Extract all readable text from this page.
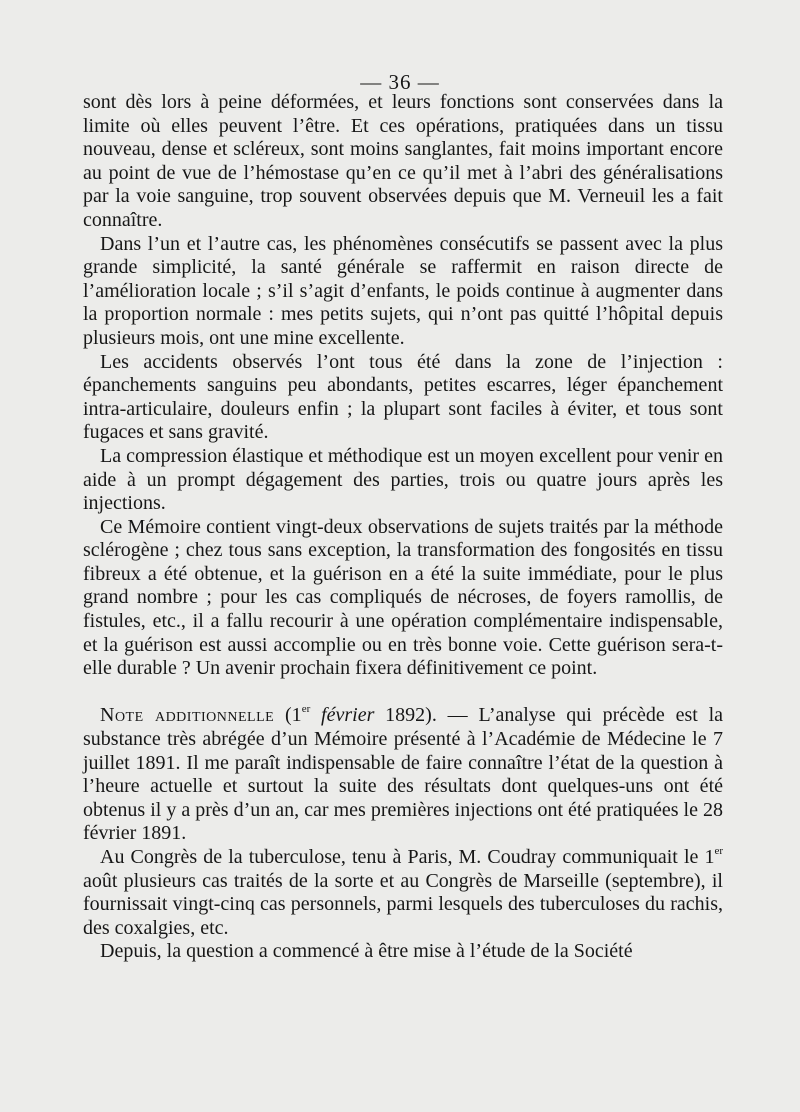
— 36 —

sont dès lors à peine déformées, et leurs fonctions sont conservées dans la limite où elles peuvent l’être. Et ces opérations, pratiquées dans un tissu nouveau, dense et scléreux, sont moins sanglantes, fait moins important encore au point de vue de l’hémostase qu’en ce qu’il met à l’abri des généralisations par la voie sanguine, trop souvent observées depuis que M. Verneuil les a fait connaître.

Dans l’un et l’autre cas, les phénomènes consécutifs se passent avec la plus grande simplicité, la santé générale se raffermit en raison directe de l’amélioration locale ; s’il s’agit d’enfants, le poids continue à augmenter dans la proportion normale : mes petits sujets, qui n’ont pas quitté l’hôpital depuis plusieurs mois, ont une mine excellente.

Les accidents observés l’ont tous été dans la zone de l’injection : épanchements sanguins peu abondants, petites escarres, léger épanchement intra-articulaire, douleurs enfin ; la plupart sont faciles à éviter, et tous sont fugaces et sans gravité.

La compression élastique et méthodique est un moyen excellent pour venir en aide à un prompt dégagement des parties, trois ou quatre jours après les injections.

Ce Mémoire contient vingt-deux observations de sujets traités par la méthode sclérogène ; chez tous sans exception, la transformation des fongosités en tissu fibreux a été obtenue, et la guérison en a été la suite immédiate, pour le plus grand nombre ; pour les cas compliqués de nécroses, de foyers ramollis, de fistules, etc., il a fallu recourir à une opération complémentaire indispensable, et la guérison est aussi accomplie ou en très bonne voie. Cette guérison sera-t-elle durable ? Un avenir prochain fixera définitivement ce point.

Note additionnelle (1er février 1892). — L’analyse qui précède est la substance très abrégée d’un Mémoire présenté à l’Académie de Médecine le 7 juillet 1891. Il me paraît indispensable de faire connaître l’état de la question à l’heure actuelle et surtout la suite des résultats dont quelques-uns ont été obtenus il y a près d’un an, car mes premières injections ont été pratiquées le 28 février 1891.

Au Congrès de la tuberculose, tenu à Paris, M. Coudray communiquait le 1er août plusieurs cas traités de la sorte et au Congrès de Marseille (septembre), il fournissait vingt-cinq cas personnels, parmi lesquels des tuberculoses du rachis, des coxalgies, etc.

Depuis, la question a commencé à être mise à l’étude de la Société
